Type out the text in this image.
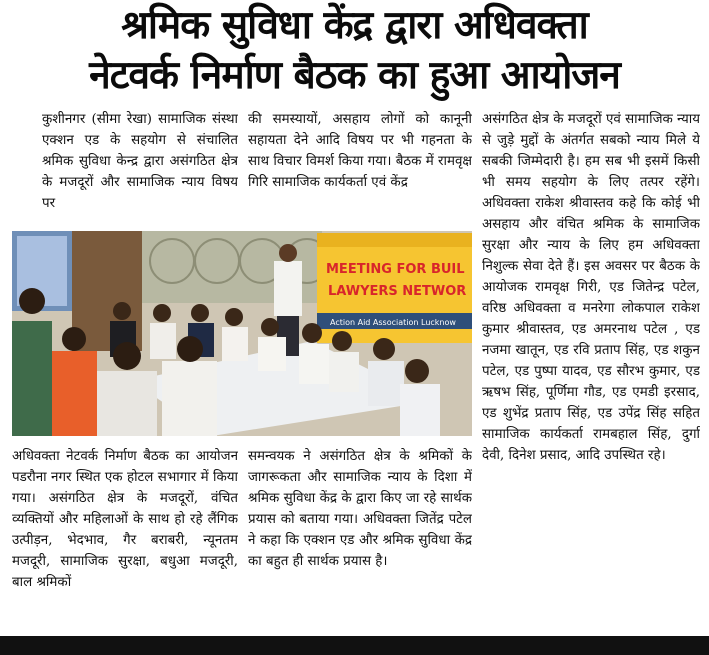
श्रमिक सुविधा केंद्र द्वारा अधिवक्ता
नेटवर्क निर्माण बैठक का हुआ आयोजन

कुशीनगर (सीमा रेखा) सामाजिक संस्था एक्शन एड के सहयोग से संचालित श्रमिक सुविधा केन्द्र द्वारा असंगठित क्षेत्र के मजदूरों और सामाजिक न्याय विषय पर

की समस्यायों, असहाय लोगों को कानूनी सहायता देने आदि विषय पर भी गहनता के साथ विचार विमर्श किया गया। बैठक में रामवृक्ष गिरि सामाजिक कार्यकर्ता एवं केंद्र

असंगठित क्षेत्र के मजदूरों एवं सामाजिक न्याय से जुड़े मुद्दों के अंतर्गत सबको न्याय मिले ये सबकी जिम्मेदारी है। हम सब भी इसमें किसी भी समय सहयोग के लिए तत्पर रहेंगे। अधिवक्ता राकेश श्रीवास्तव कहे कि कोई भी असहाय और वंचित श्रमिक के सामाजिक सुरक्षा और न्याय के लिए हम अधिवक्ता निशुल्क सेवा देते हैं। इस अवसर पर बैठक के आयोजक रामवृक्ष गिरी, एड जितेन्द्र पटेल, वरिष्ठ अधिवक्ता व मनरेगा लोकपाल राकेश कुमार श्रीवास्तव, एड अमरनाथ पटेल , एड नजमा खातून, एड रवि प्रताप सिंह, एड शकुन पटेल, एड पुष्पा यादव, एड सौरभ कुमार, एड ऋषभ सिंह, पूर्णिमा गौड, एड एमडी इरसाद, एड शुभेंद्र प्रताप सिंह, एड उपेंद्र सिंह सहित सामाजिक कार्यकर्ता रामबहाल सिंह, दुर्गा देवी, दिनेश प्रसाद, आदि उपस्थित रहे।

MEETING FOR BUIL
LAWYERS NETWOR
Action Aid Association Lucknow

अधिवक्ता नेटवर्क निर्माण बैठक का आयोजन पडरौना नगर स्थित एक होटल सभागार में किया गया। असंगठित क्षेत्र के मजदूरों, वंचित व्यक्तियों और महिलाओं के साथ हो रहे लैंगिक उत्पीड़न, भेदभाव, गैर बराबरी, न्यूनतम मजदूरी, सामाजिक सुरक्षा, बधुआ मजदूरी, बाल श्रमिकों

समन्वयक ने असंगठित क्षेत्र के श्रमिकों के जागरूकता और सामाजिक न्याय के दिशा में श्रमिक सुविधा केंद्र के द्वारा किए जा रहे सार्थक प्रयास को बताया गया। अधिवक्ता जितेंद्र पटेल ने कहा कि एक्शन एड और श्रमिक सुविधा केंद्र का बहुत ही सार्थक प्रयास है।
